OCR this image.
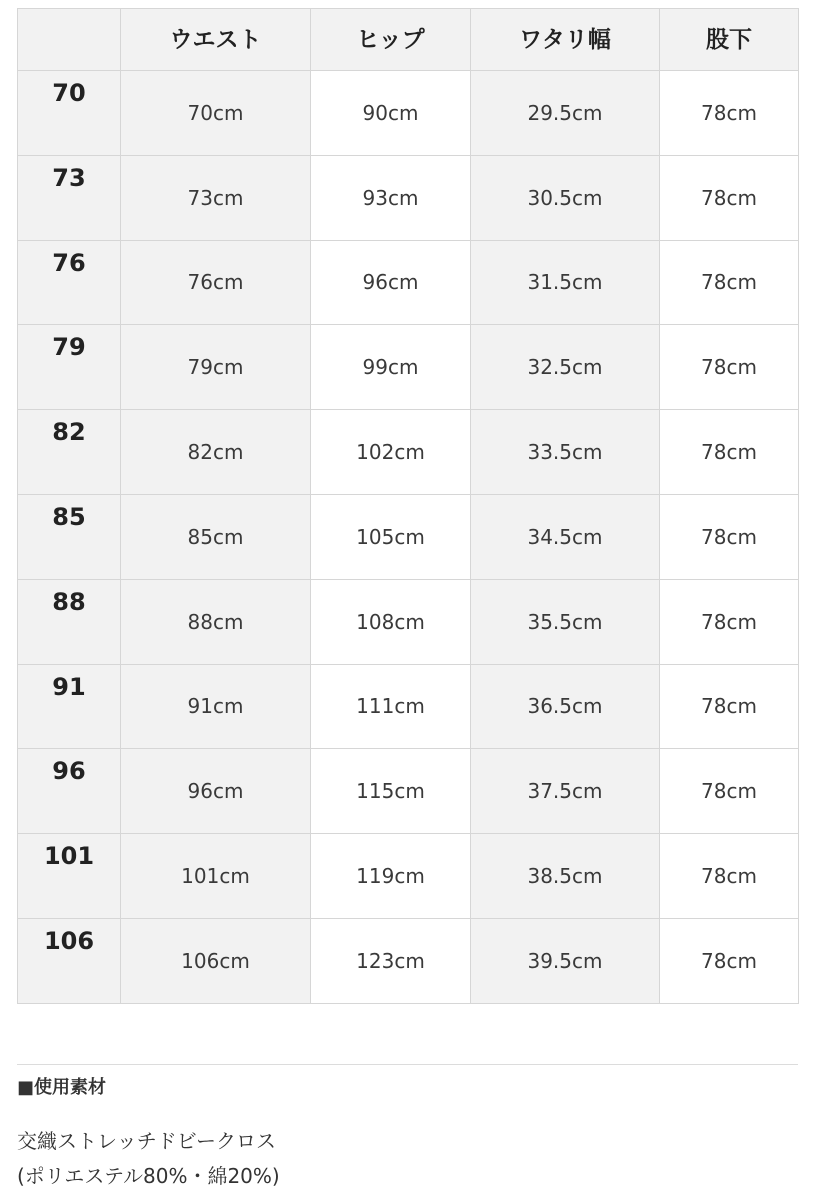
	ウエスト	ヒップ	ワタリ幅	股下
70	70cm	90cm	29.5cm	78cm
73	73cm	93cm	30.5cm	78cm
76	76cm	96cm	31.5cm	78cm
79	79cm	99cm	32.5cm	78cm
82	82cm	102cm	33.5cm	78cm
85	85cm	105cm	34.5cm	78cm
88	88cm	108cm	35.5cm	78cm
91	91cm	111cm	36.5cm	78cm
96	96cm	115cm	37.5cm	78cm
101	101cm	119cm	38.5cm	78cm
106	106cm	123cm	39.5cm	78cm
■使用素材
交織ストレッチドビークロス
(ポリエステル80%・綿20%)
